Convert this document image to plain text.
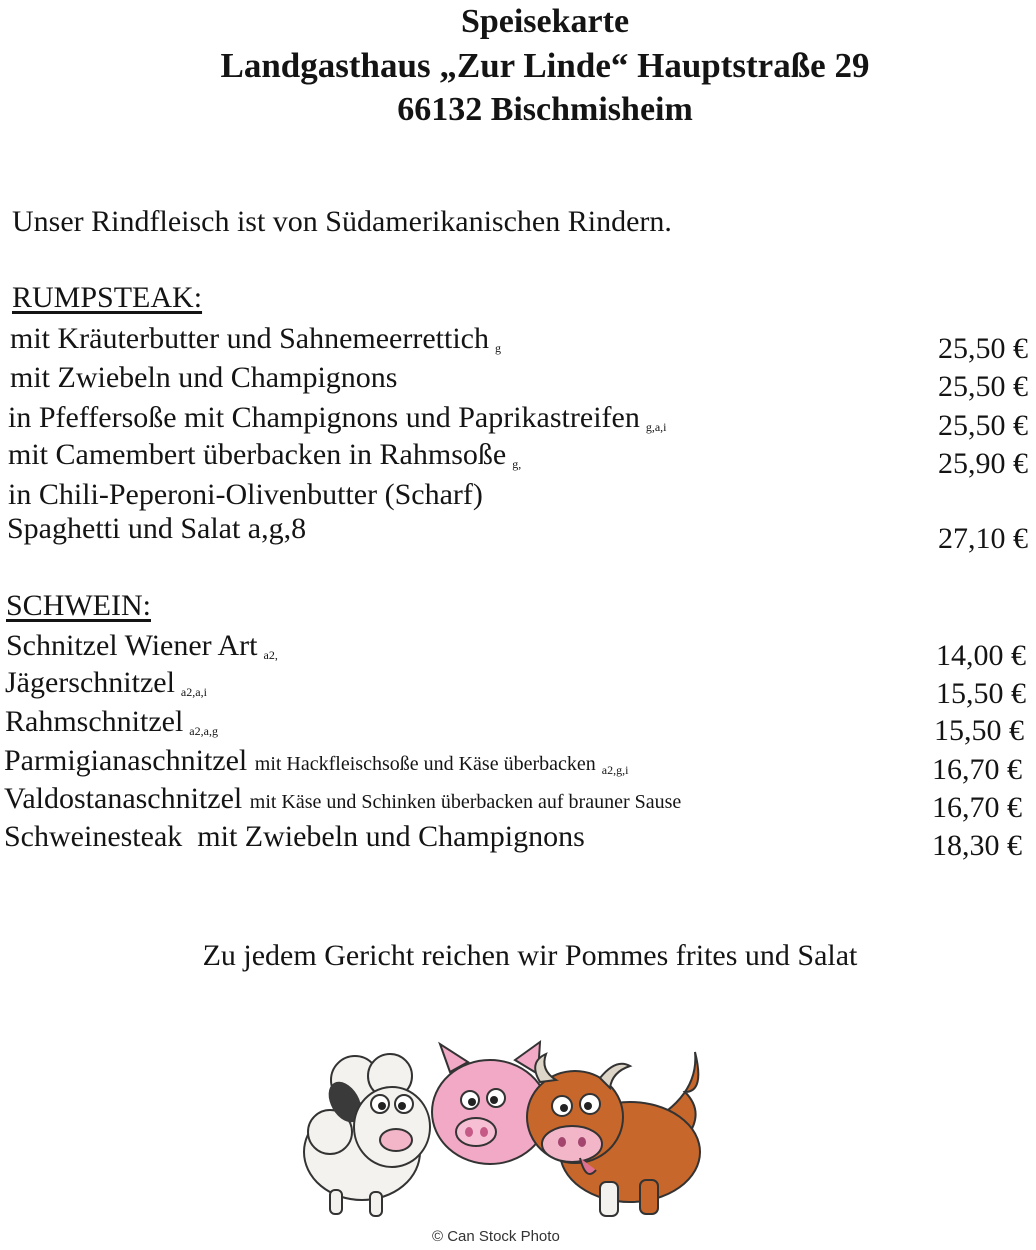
Speisekarte
Landgasthaus „Zur Linde“ Hauptstraße 29
66132 Bischmisheim
Unser Rindfleisch ist von Südamerikanischen Rindern.
RUMPSTEAK:
mit Kräuterbutter und Sahnemeerrettich $_g$	25,50 €
mit Zwiebeln und Champignons	25,50 €
in Pfeffersoße mit Champignons und Paprikastreifen $_{g,a,i}$	25,50 €
mit Camembert überbacken in Rahmsoße $_{g,}$	25,90 €
in Chili-Peperoni-Olivenbutter (Scharf)
Spaghetti und Salat a,g,8	27,10 €
SCHWEIN:
Schnitzel Wiener Art $_{a2,}$	14,00 €
Jägerschnitzel $_{a2,a,i}$	15,50 €
Rahmschnitzel $_{a2,a,g}$	15,50 €
Parmigianaschnitzel mit Hackfleischsoße und Käse überbacken $_{a2,g,i}$	16,70 €
Valdostanaschnitzel mit Käse und Schinken überbacken auf brauner Sause	16,70 €
Schweinesteak  mit Zwiebeln und Champignons	18,30 €
Zu jedem Gericht reichen wir Pommes frites und Salat
© Can Stock Photo
